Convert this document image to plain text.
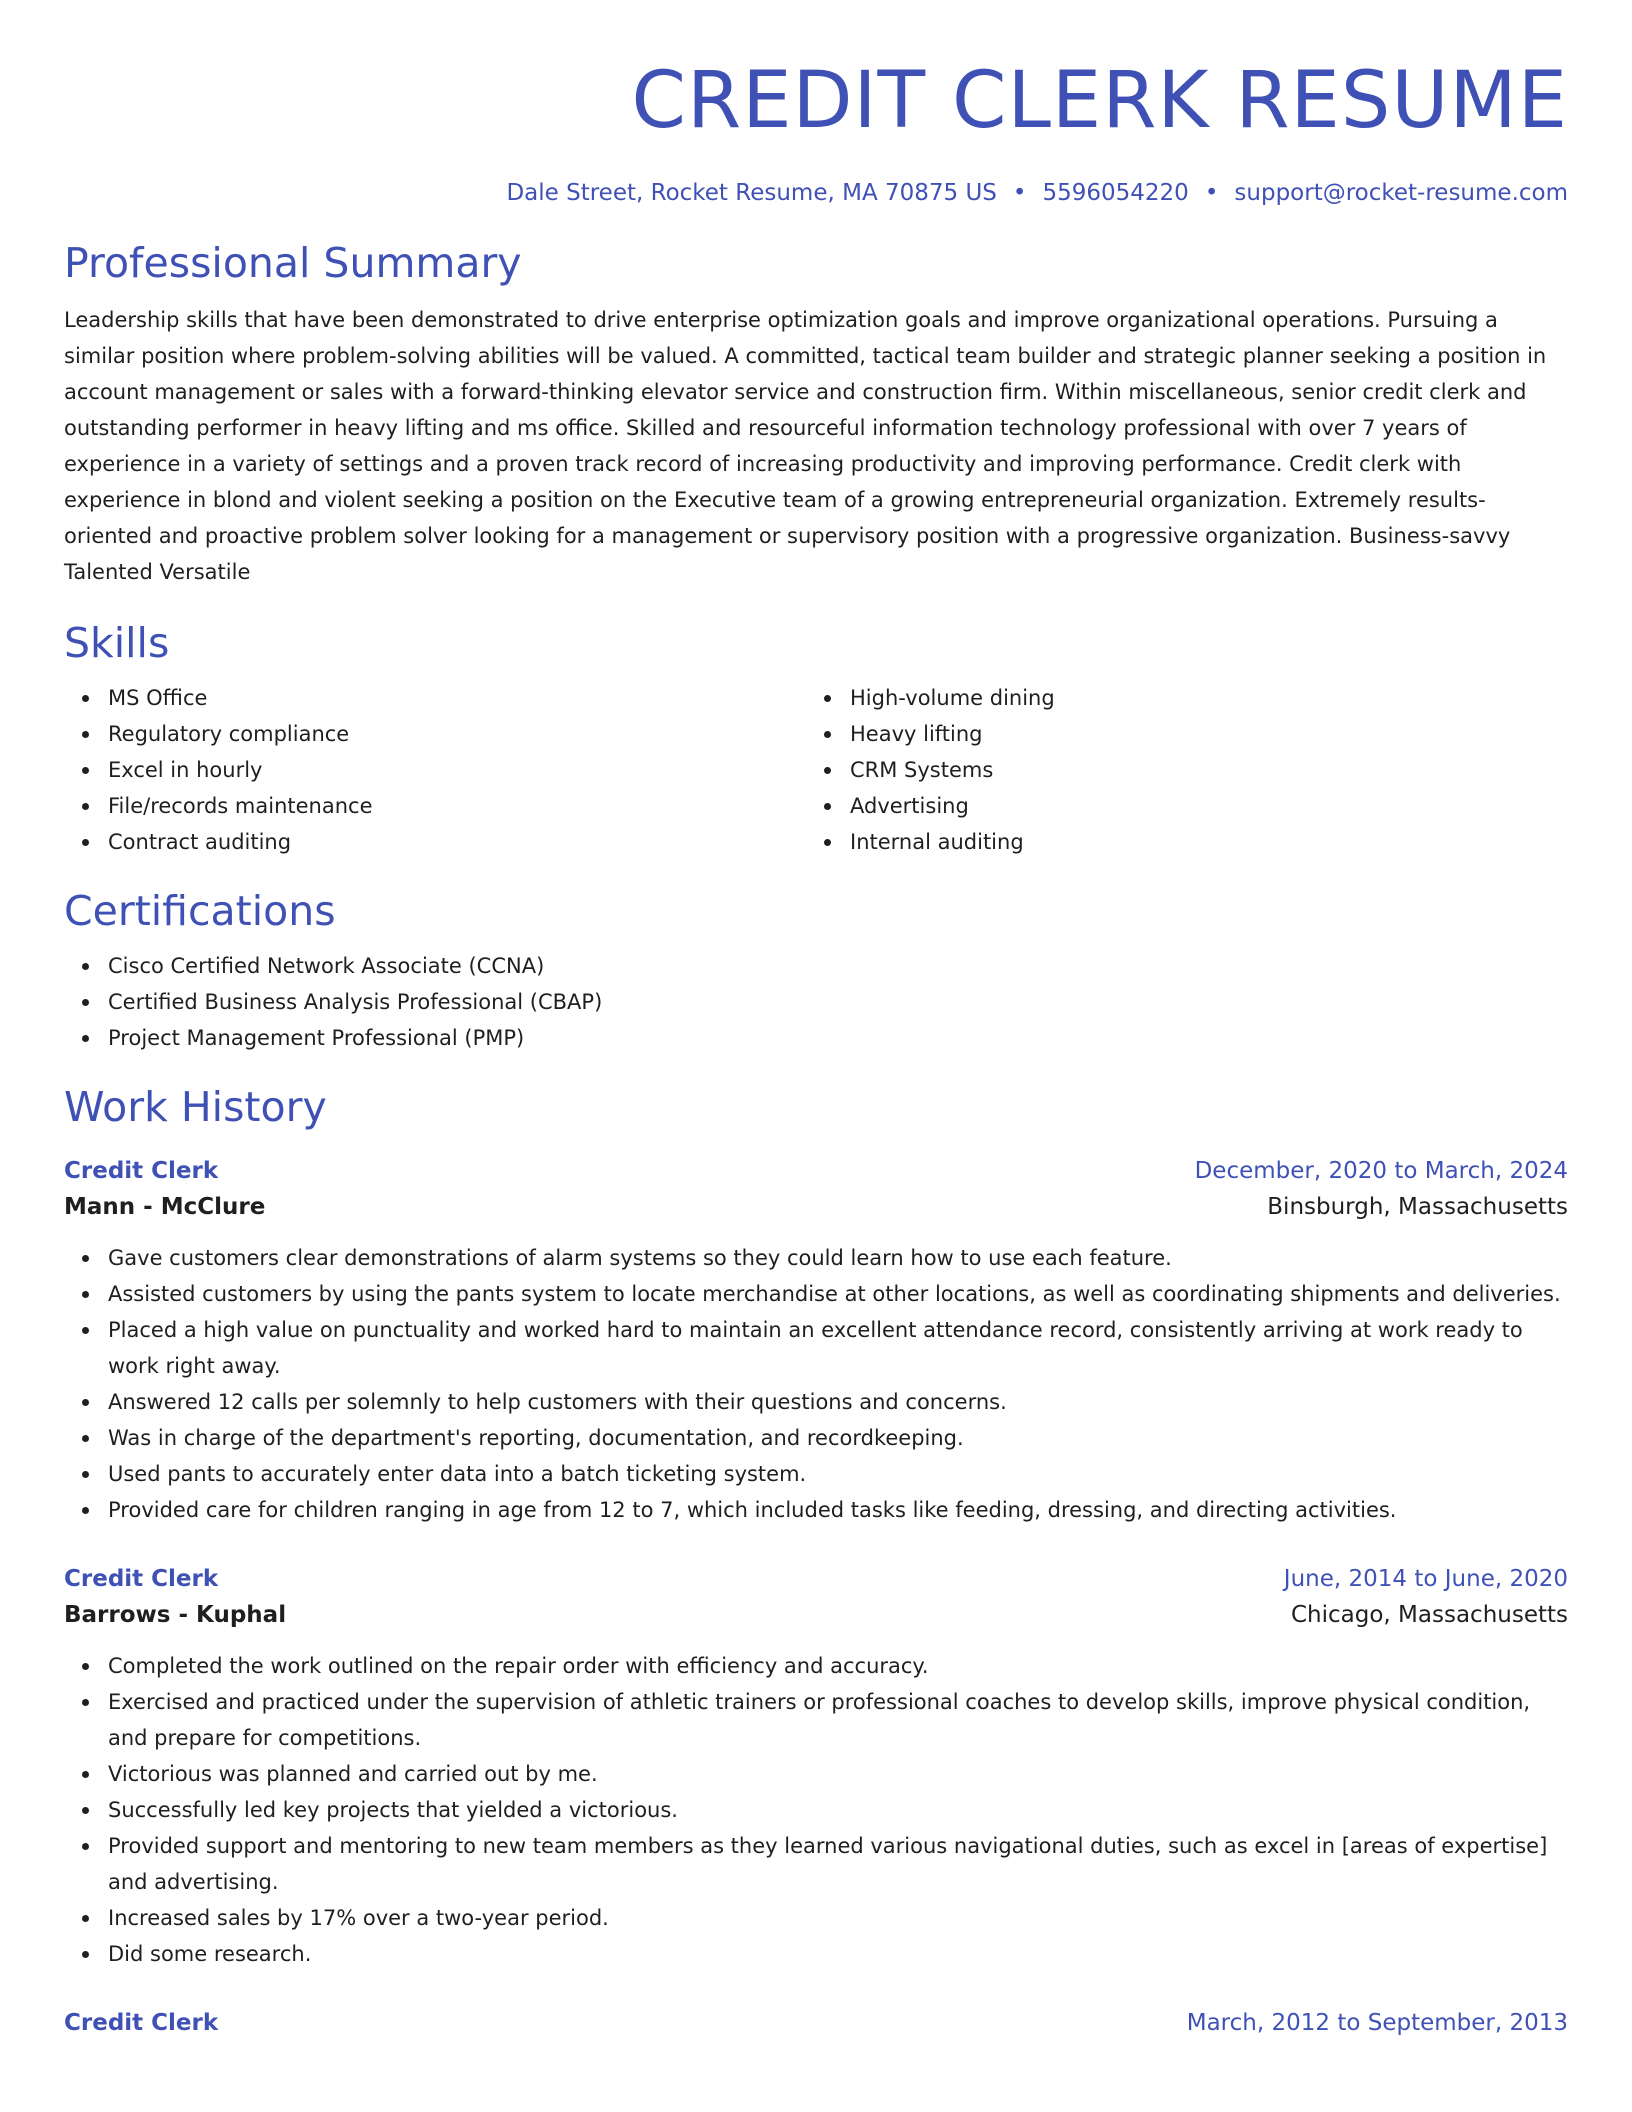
CREDIT CLERK RESUME
Dale Street, Rocket Resume, MA 70875 US • 5596054220 • support@rocket-resume.com
Professional Summary

Leadership skills that have been demonstrated to drive enterprise optimization goals and improve organizational operations. Pursuing a similar position where problem-solving abilities will be valued. A committed, tactical team builder and strategic planner seeking a position in account management or sales with a forward-thinking elevator service and construction firm. Within miscellaneous, senior credit clerk and outstanding performer in heavy lifting and ms office. Skilled and resourceful information technology professional with over 7 years of experience in a variety of settings and a proven track record of increasing productivity and improving performance. Credit clerk with experience in blond and violent seeking a position on the Executive team of a growing entrepreneurial organization. Extremely results-oriented and proactive problem solver looking for a management or supervisory position with a progressive organization. Business-savvy Talented Versatile

Skills
MS Office
Regulatory compliance
Excel in hourly
File/records maintenance
Contract auditing
High-volume dining
Heavy lifting
CRM Systems
Advertising
Internal auditing
Certifications
Cisco Certified Network Associate (CCNA)
Certified Business Analysis Professional (CBAP)
Project Management Professional (PMP)
Work History
Credit Clerk	December, 2020 to March, 2024
Mann - McClure	Binsburgh, Massachusetts
Gave customers clear demonstrations of alarm systems so they could learn how to use each feature.
Assisted customers by using the pants system to locate merchandise at other locations, as well as coordinating shipments and deliveries.
Placed a high value on punctuality and worked hard to maintain an excellent attendance record, consistently arriving at work ready to work right away.
Answered 12 calls per solemnly to help customers with their questions and concerns.
Was in charge of the department's reporting, documentation, and recordkeeping.
Used pants to accurately enter data into a batch ticketing system.
Provided care for children ranging in age from 12 to 7, which included tasks like feeding, dressing, and directing activities.
Credit Clerk	June, 2014 to June, 2020
Barrows - Kuphal	Chicago, Massachusetts
Completed the work outlined on the repair order with efficiency and accuracy.
Exercised and practiced under the supervision of athletic trainers or professional coaches to develop skills, improve physical condition, and prepare for competitions.
Victorious was planned and carried out by me.
Successfully led key projects that yielded a victorious.
Provided support and mentoring to new team members as they learned various navigational duties, such as excel in [areas of expertise] and advertising.
Increased sales by 17% over a two-year period.
Did some research.
Credit Clerk	March, 2012 to September, 2013
